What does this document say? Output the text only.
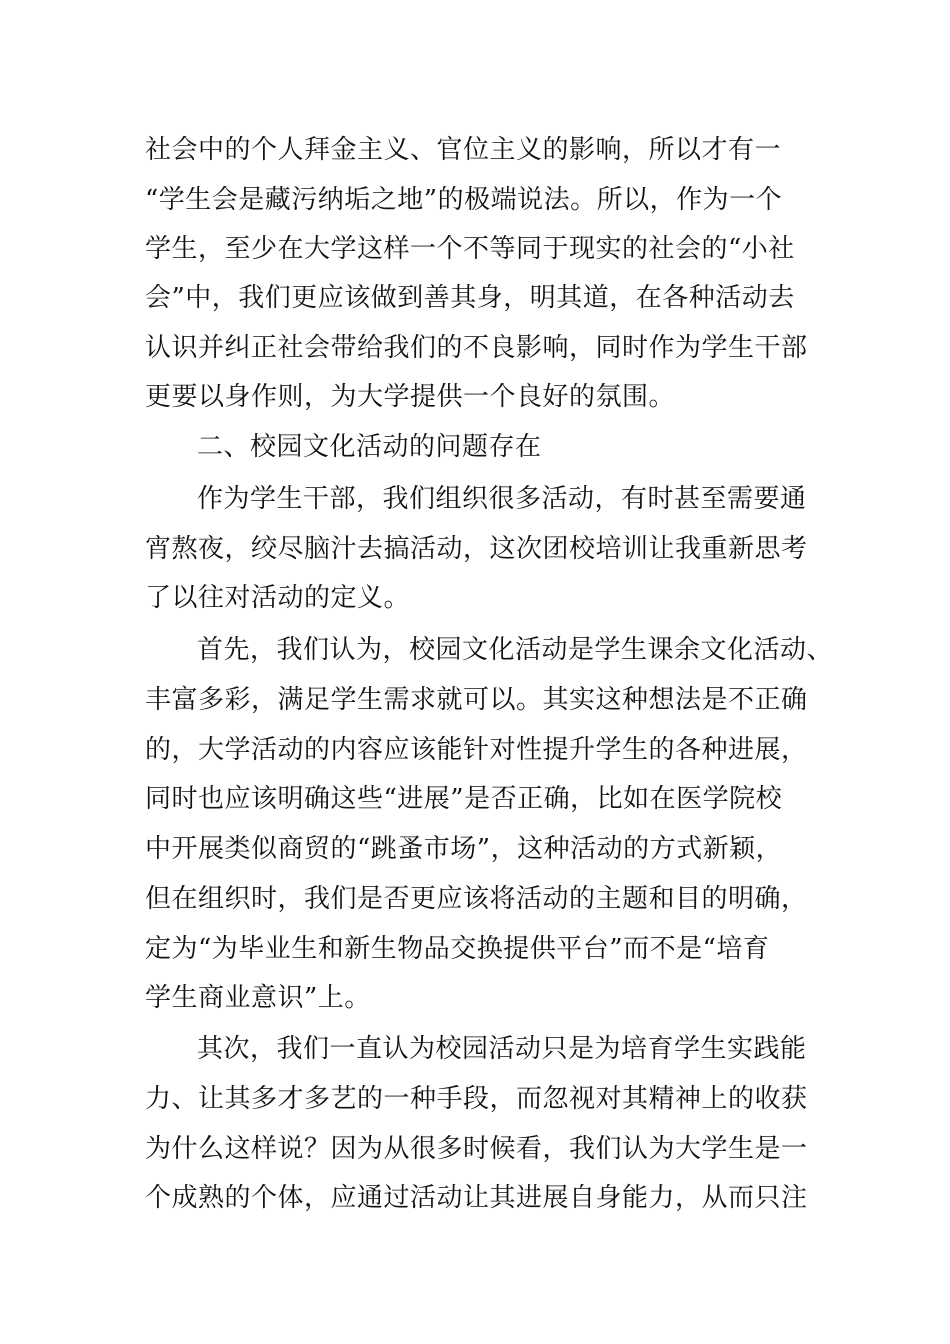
社会中的个人拜金主义、官位主义的影响，所以才有一

“学生会是藏污纳垢之地”的极端说法。所以，作为一个

学生，至少在大学这样一个不等同于现实的社会的“小社

会”中，我们更应该做到善其身，明其道，在各种活动去

认识并纠正社会带给我们的不良影响，同时作为学生干部

更要以身作则，为大学提供一个良好的氛围。

二、校园文化活动的问题存在

作为学生干部，我们组织很多活动，有时甚至需要通

宵熬夜，绞尽脑汁去搞活动，这次团校培训让我重新思考

了以往对活动的定义。

首先，我们认为，校园文化活动是学生课余文化活动、

丰富多彩，满足学生需求就可以。其实这种想法是不正确

的，大学活动的内容应该能针对性提升学生的各种进展，

同时也应该明确这些“进展”是否正确，比如在医学院校

中开展类似商贸的“跳蚤市场”，这种活动的方式新颖，

但在组织时，我们是否更应该将活动的主题和目的明确，

定为“为毕业生和新生物品交换提供平台”而不是“培育

学生商业意识”上。

其次，我们一直认为校园活动只是为培育学生实践能

力、让其多才多艺的一种手段，而忽视对其精神上的收获

为什么这样说？因为从很多时候看，我们认为大学生是一

个成熟的个体，应通过活动让其进展自身能力，从而只注
